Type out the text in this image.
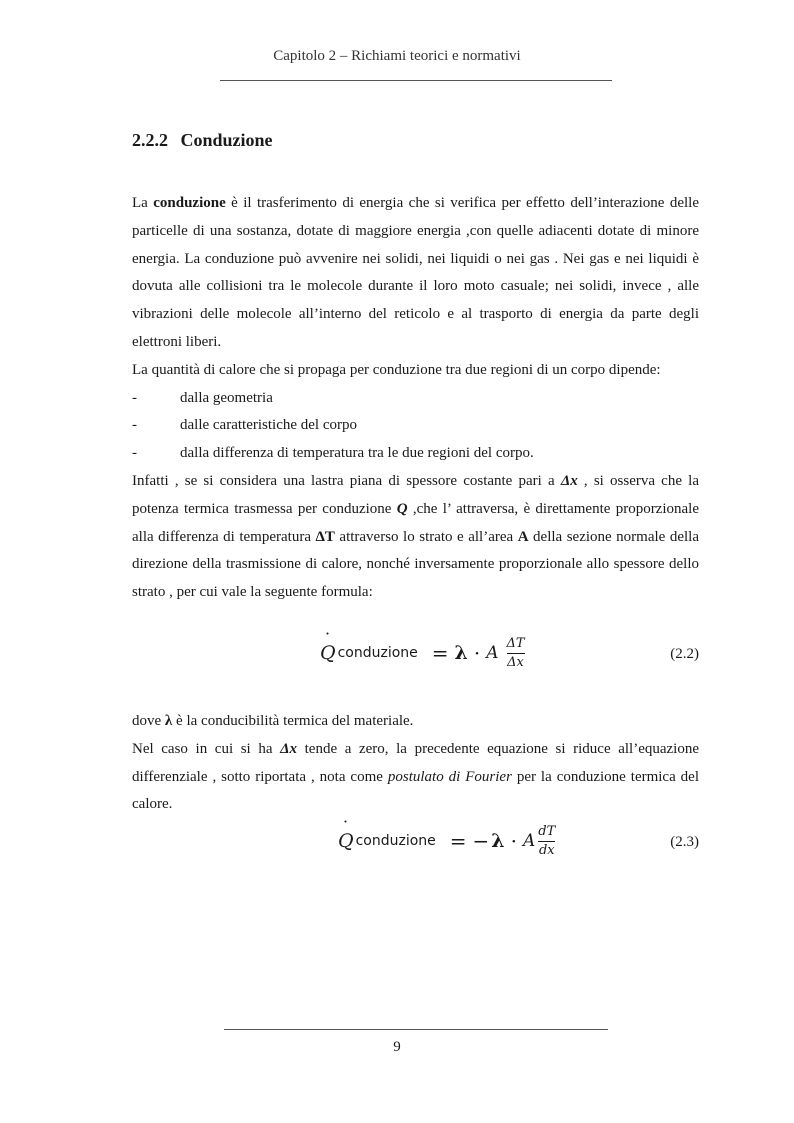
Capitolo 2 – Richiami teorici e normativi
2.2.2 Conduzione

La conduzione è il trasferimento di energia che si verifica per effetto dell’interazione delle particelle di una sostanza, dotate di maggiore energia ,con quelle adiacenti dotate di minore energia. La conduzione può avvenire nei solidi, nei liquidi o nei gas . Nei gas e nei liquidi è dovuta alle collisioni tra le molecole durante il loro moto casuale; nei solidi, invece , alle vibrazioni delle molecole all’interno del reticolo e al trasporto di energia da parte degli elettroni liberi.

La quantità di calore che si propaga per conduzione tra due regioni di un corpo dipende:

-	dalla geometria
-	dalle caratteristiche del corpo
-	dalla differenza di temperatura tra le due regioni del corpo.

Infatti , se si considera una lastra piana di spessore costante pari a Δx , si osserva che la potenza termica trasmessa per conduzione Q ,che l’ attraversa, è direttamente proporzionale alla differenza di temperatura ΔT attraverso lo strato e all’area A della sezione normale della direzione della trasmissione di calore, nonché inversamente proporzionale allo spessore dello strato , per cui vale la seguente formula:

˙ Q conduzione = λ · A $\frac{\Delta T}{\Delta x}$	(2.2)

dove λ è la conducibilità termica del materiale.

Nel caso in cui si ha Δx tende a zero, la precedente equazione si riduce all’equazione differenziale , sotto riportata , nota come postulato di Fourier per la conduzione termica del calore.

˙ Q conduzione = − λ · A $\frac{dT}{dx}$	(2.3)
9
